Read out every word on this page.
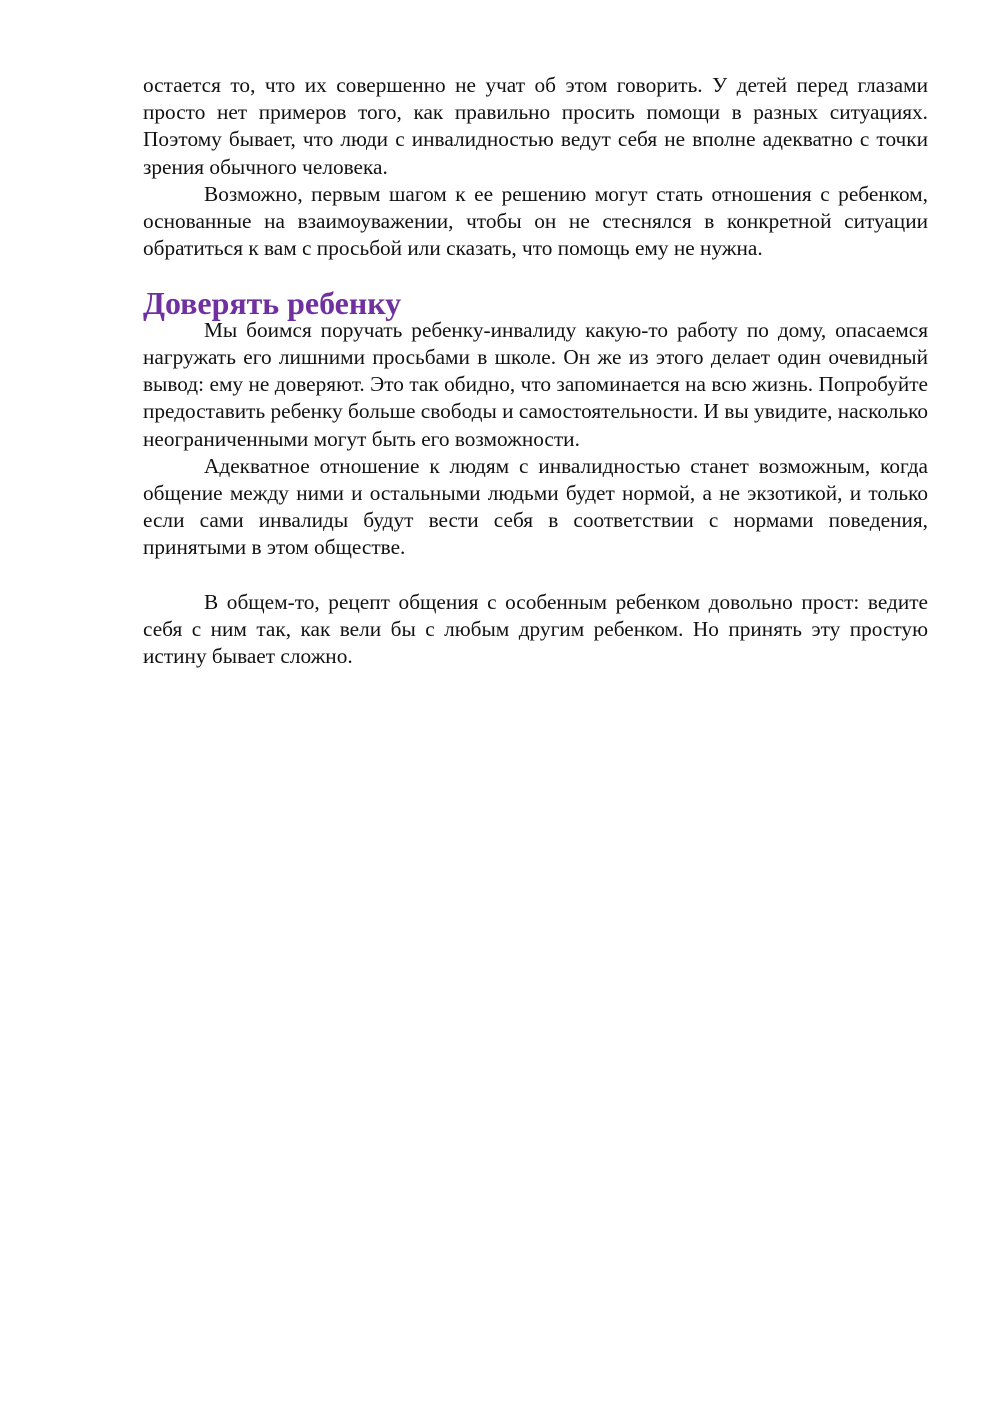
остается то, что их совершенно не учат об этом говорить. У детей перед глазами просто нет примеров того, как правильно просить помощи в разных ситуациях. Поэтому бывает, что люди с инвалидностью ведут себя не вполне адекватно с точки зрения обычного человека.

Возможно, первым шагом к ее решению могут стать отношения с ребенком, основанные на взаимоуважении, чтобы он не стеснялся в конкретной ситуации обратиться к вам с просьбой или сказать, что помощь ему не нужна.

Доверять ребенку

Мы боимся поручать ребенку-инвалиду какую-то работу по дому, опасаемся нагружать его лишними просьбами в школе. Он же из этого делает один очевидный вывод: ему не доверяют. Это так обидно, что запоминается на всю жизнь. Попробуйте предоставить ребенку больше свободы и самостоятельности. И вы увидите, насколько неограниченными могут быть его возможности.

Адекватное отношение к людям с инвалидностью станет возможным, когда общение между ними и остальными людьми будет нормой, а не экзотикой, и только если сами инвалиды будут вести себя в соответствии с нормами поведения, принятыми в этом обществе.

В общем-то, рецепт общения с особенным ребенком довольно прост: ведите себя с ним так, как вели бы с любым другим ребенком. Но принять эту простую истину бывает сложно.
